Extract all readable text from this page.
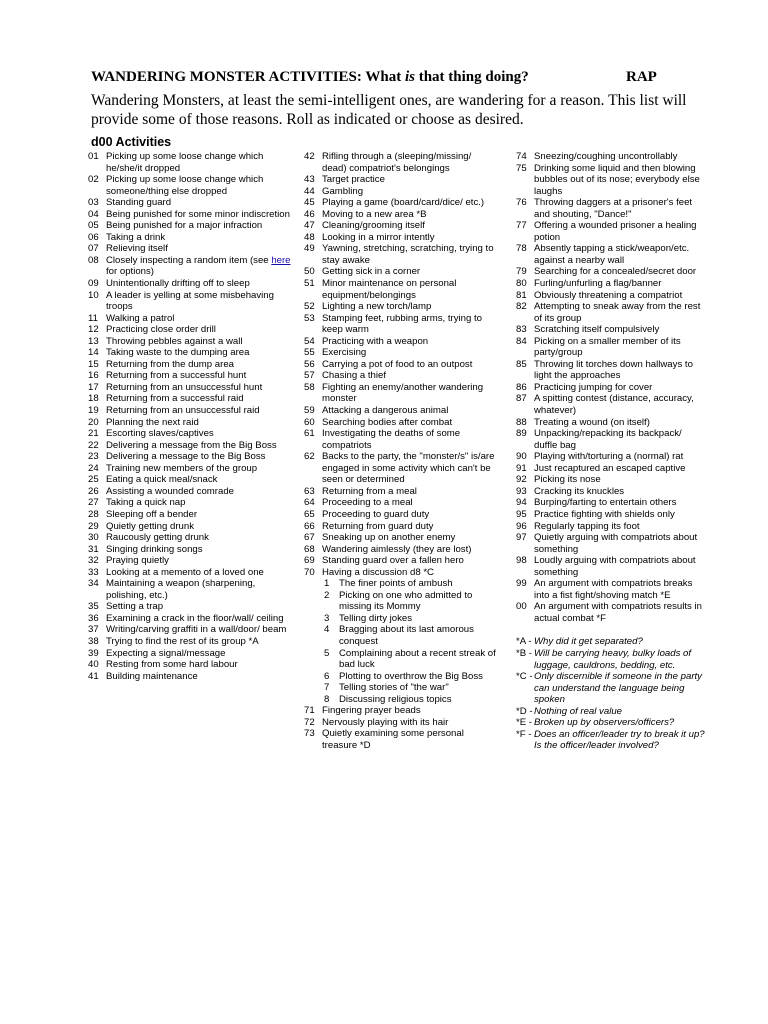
WANDERING MONSTER ACTIVITIES: What is that thing doing?	RAP
Wandering Monsters, at least the semi-intelligent ones, are wandering for a reason. This list will provide some of those reasons. Roll as indicated or choose as desired.
d00 Activities
01 Picking up some loose change which he/she/it dropped
02 Picking up some loose change which someone/thing else dropped
03 Standing guard
04 Being punished for some minor indiscretion
05 Being punished for a major infraction
06 Taking a drink
07 Relieving itself
08 Closely inspecting a random item (see here for options)
09 Unintentionally drifting off to sleep
10 A leader is yelling at some misbehaving troops
11 Walking a patrol
12 Practicing close order drill
13 Throwing pebbles against a wall
14 Taking waste to the dumping area
15 Returning from the dump area
16 Returning from a successful hunt
17 Returning from an unsuccessful hunt
18 Returning from a successful raid
19 Returning from an unsuccessful raid
20 Planning the next raid
21 Escorting slaves/captives
22 Delivering a message from the Big Boss
23 Delivering a message to the Big Boss
24 Training new members of the group
25 Eating a quick meal/snack
26 Assisting a wounded comrade
27 Taking a quick nap
28 Sleeping off a bender
29 Quietly getting drunk
30 Raucously getting drunk
31 Singing drinking songs
32 Praying quietly
33 Looking at a memento of a loved one
34 Maintaining a weapon (sharpening, polishing, etc.)
35 Setting a trap
36 Examining a crack in the floor/wall/ ceiling
37 Writing/carving graffiti in a wall/door/ beam
38 Trying to find the rest of its group *A
39 Expecting a signal/message
40 Resting from some hard labour
41 Building maintenance
42 Rifling through a (sleeping/missing/ dead) compatriot's belongings
43 Target practice
44 Gambling
45 Playing a game (board/card/dice/ etc.)
46 Moving to a new area *B
47 Cleaning/grooming itself
48 Looking in a mirror intently
49 Yawning, stretching, scratching, trying to stay awake
50 Getting sick in a corner
51 Minor maintenance on personal equipment/belongings
52 Lighting a new torch/lamp
53 Stamping feet, rubbing arms, trying to keep warm
54 Practicing with a weapon
55 Exercising
56 Carrying a pot of food to an outpost
57 Chasing a thief
58 Fighting an enemy/another wandering monster
59 Attacking a dangerous animal
60 Searching bodies after combat
61 Investigating the deaths of some compatriots
62 Backs to the party, the "monster/s" is/are engaged in some activity which can't be seen or determined
63 Returning from a meal
64 Proceeding to a meal
65 Proceeding to guard duty
66 Returning from guard duty
67 Sneaking up on another enemy
68 Wandering aimlessly (they are lost)
69 Standing guard over a fallen hero
70 Having a discussion d8 *C
1 The finer points of ambush
2 Picking on one who admitted to missing its Mommy
3 Telling dirty jokes
4 Bragging about its last amorous conquest
5 Complaining about a recent streak of bad luck
6 Plotting to overthrow the Big Boss
7 Telling stories of "the war"
8 Discussing religious topics
71 Fingering prayer beads
72 Nervously playing with its hair
73 Quietly examining some personal treasure *D
74 Sneezing/coughing uncontrollably
75 Drinking some liquid and then blowing bubbles out of its nose; everybody else laughs
76 Throwing daggers at a prisoner's feet and shouting, "Dance!"
77 Offering a wounded prisoner a healing potion
78 Absently tapping a stick/weapon/etc. against a nearby wall
79 Searching for a concealed/secret door
80 Furling/unfurling a flag/banner
81 Obviously threatening a compatriot
82 Attempting to sneak away from the rest of its group
83 Scratching itself compulsively
84 Picking on a smaller member of its party/group
85 Throwing lit torches down hallways to light the approaches
86 Practicing jumping for cover
87 A spitting contest (distance, accuracy, whatever)
88 Treating a wound (on itself)
89 Unpacking/repacking its backpack/ duffle bag
90 Playing with/torturing a (normal) rat
91 Just recaptured an escaped captive
92 Picking its nose
93 Cracking its knuckles
94 Burping/farting to entertain others
95 Practice fighting with shields only
96 Regularly tapping its foot
97 Quietly arguing with compatriots about something
98 Loudly arguing with compatriots about something
99 An argument with compatriots breaks into a fist fight/shoving match *E
00 An argument with compatriots results in actual combat *F
*A - Why did it get separated?
*B - Will be carrying heavy, bulky loads of luggage, cauldrons, bedding, etc.
*C - Only discernible if someone in the party can understand the language being spoken
*D - Nothing of real value
*E - Broken up by observers/officers?
*F - Does an officer/leader try to break it up? Is the officer/leader involved?
